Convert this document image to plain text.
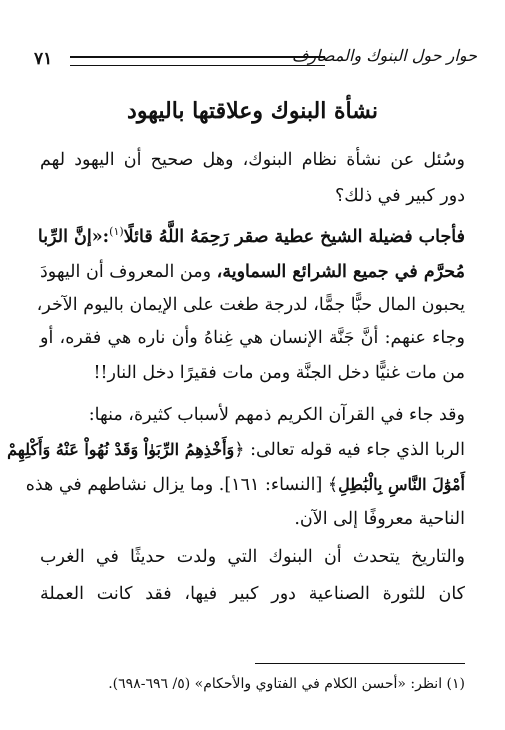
٧١	حوار حول البنوك والمصارف
نشأة البنوك وعلاقتها باليهود
وسُئل عن نشأة نظام البنوك، وهل صحيح أن اليهود لهم
دور كبير في ذلك؟
فأجاب فضيلة الشيخ عطية صقر رَحِمَهُ اللَّهُ قائلًا$^{(١)}$:«إنَّ الرِّبا
مُحرَّم في جميع الشرائع السماوية، ومن المعروف أن اليهودَ
يحبون المال حبًّا جمًّا، لدرجة طغت على الإيمان باليوم الآخر،
وجاء عنهم: أنَّ جَنَّة الإنسان هي غِناهُ وأن ناره هي فقره، أو
من مات غنيًّا دخل الجنَّة ومن مات فقيرًا دخل النار!!
وقد جاء في القرآن الكريم ذمهم لأسباب كثيرة، منها:
الربا الذي جاء فيه قوله تعالى: ﴿وَأَخْذِهِمُ الرِّبَوٰاْ وَقَدْ نُهُواْ عَنْهُ وَأَكْلِهِمْ
أَمْوَٰلَ النَّاسِ بِالْبَٰطِلِ﴾ [النساء: ١٦١]. وما يزال نشاطهم في هذه
الناحية معروفًا إلى الآن.
والتاريخ يتحدث أن البنوك التي ولدت حديثًا في الغرب
كان للثورة الصناعية دور كبير فيها، فقد كانت العملة
(١) انظر: «أحسن الكلام في الفتاوي والأحكام» (٥/ ٦٩٦-٦٩٨).
